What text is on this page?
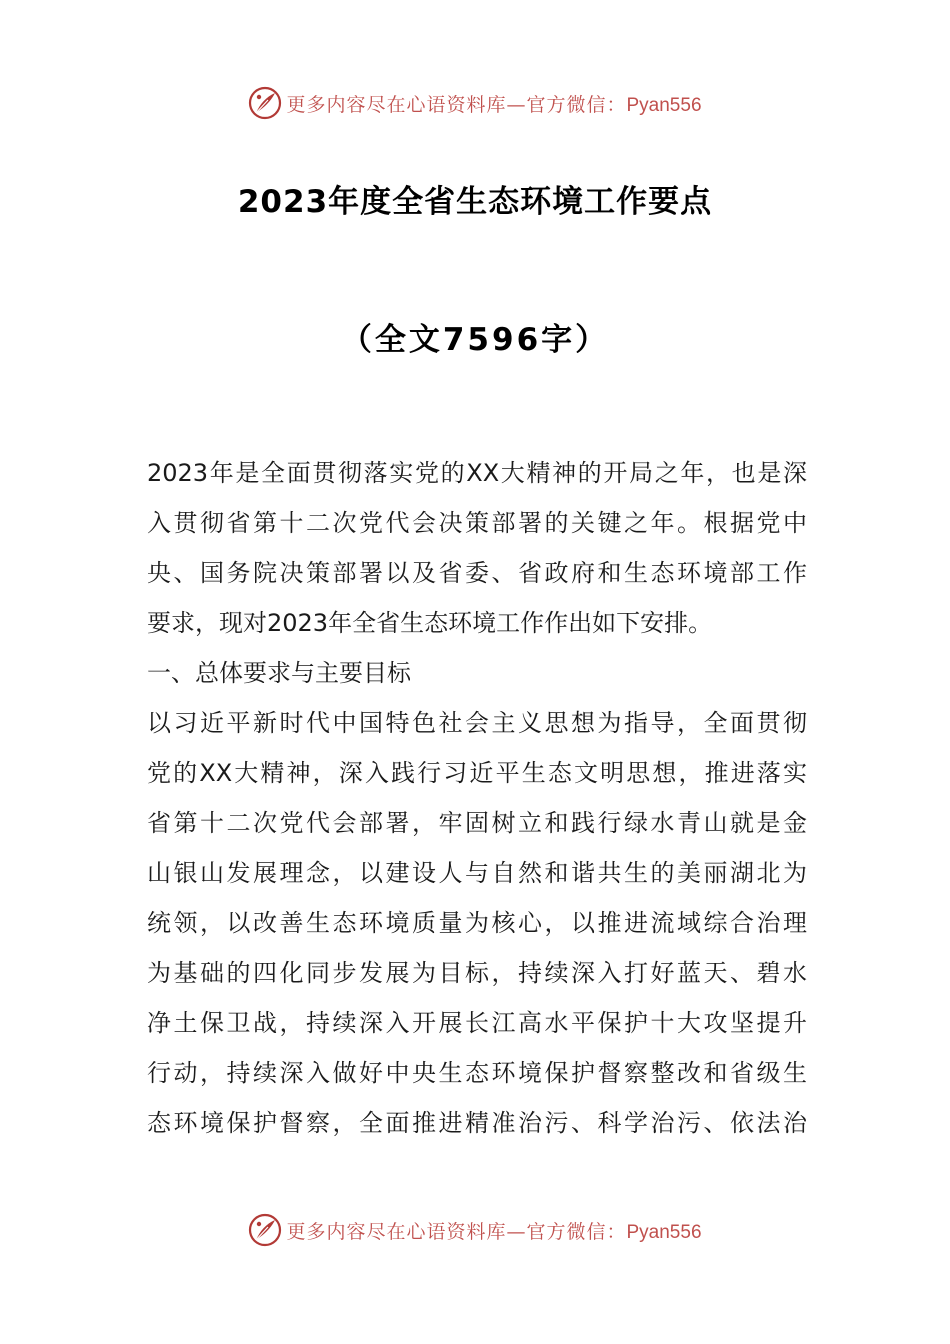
更多内容尽在心语资料库—官方微信：Pyan556
2023年度全省生态环境工作要点
（全文7596字）
2023年是全面贯彻落实党的XX大精神的开局之年，也是深
入贯彻省第十二次党代会决策部署的关键之年。根据党中
央、国务院决策部署以及省委、省政府和生态环境部工作
要求，现对2023年全省生态环境工作作出如下安排。
一、总体要求与主要目标
以习近平新时代中国特色社会主义思想为指导，全面贯彻
党的XX大精神，深入践行习近平生态文明思想，推进落实
省第十二次党代会部署，牢固树立和践行绿水青山就是金
山银山发展理念，以建设人与自然和谐共生的美丽湖北为
统领，以改善生态环境质量为核心，以推进流域综合治理
为基础的四化同步发展为目标，持续深入打好蓝天、碧水
净土保卫战，持续深入开展长江高水平保护十大攻坚提升
行动，持续深入做好中央生态环境保护督察整改和省级生
态环境保护督察，全面推进精准治污、科学治污、依法治
更多内容尽在心语资料库—官方微信：Pyan556
